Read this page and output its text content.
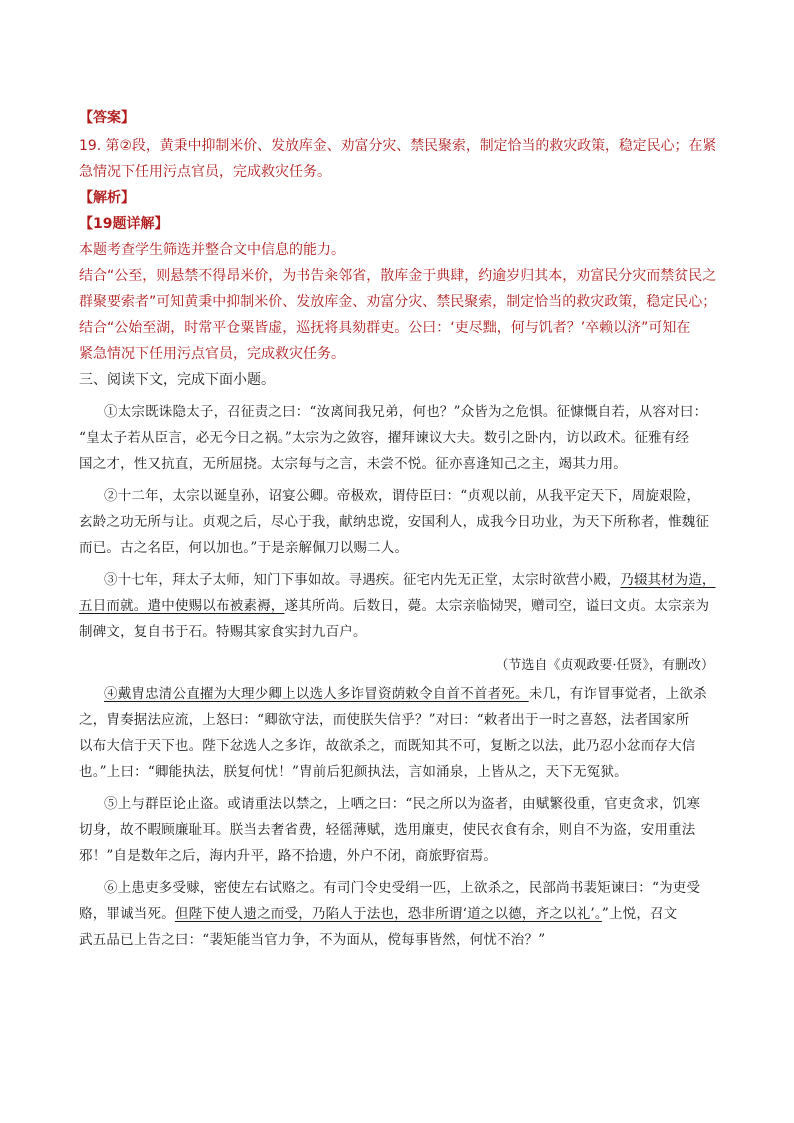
【答案】
19. 第②段，黄秉中抑制米价、发放库金、劝富分灾、禁民聚索，制定恰当的救灾政策，稳定民心；在紧
急情况下任用污点官员，完成救灾任务。
【解析】
【19题详解】
本题考查学生筛选并整合文中信息的能力。
结合“公至，则悬禁不得昂米价，为书告籴邻省，散库金于典肆，约逾岁归其本，劝富民分灾而禁贫民之
群聚要索者”可知黄秉中抑制米价、发放库金、劝富分灾、禁民聚索，制定恰当的救灾政策，稳定民心；
结合“公始至湖，时常平仓粟皆虚，巡抚将具劾群吏。公曰：‘吏尽黜，何与饥者？’卒赖以济”可知在
紧急情况下任用污点官员，完成救灾任务。
三、阅读下文，完成下面小题。
①太宗既诛隐太子，召征责之曰：“汝离间我兄弟，何也？”众皆为之危惧。征慷慨自若，从容对曰：
“皇太子若从臣言，必无今日之祸。”太宗为之敛容，擢拜谏议大夫。数引之卧内，访以政术。征雅有经
国之才，性又抗直，无所屈挠。太宗每与之言，未尝不悦。征亦喜逢知己之主，竭其力用。
②十二年，太宗以诞皇孙，诏宴公卿。帝极欢，谓侍臣曰：“贞观以前，从我平定天下，周旋艰险，
玄龄之功无所与让。贞观之后，尽心于我，献纳忠谠，安国利人，成我今日功业，为天下所称者，惟魏征
而已。古之名臣，何以加也。”于是亲解佩刀以赐二人。
③十七年，拜太子太师，知门下事如故。寻遇疾。征宅内先无正堂，太宗时欲营小殿，乃辍其材为造，
五日而就。遣中使赐以布被素褥，遂其所尚。后数日，薨。太宗亲临恸哭，赠司空，谥曰文贞。太宗亲为
制碑文，复自书于石。特赐其家食实封九百户。
（节选自《贞观政要·任贤》，有删改）
④戴胄忠清公直擢为大理少卿上以选人多诈冒资荫敕令自首不首者死。未几，有诈冒事觉者，上欲杀
之，胄奏据法应流，上怒曰：“卿欲守法，而使朕失信乎？”对曰：“敕者出于一时之喜怒，法者国家所
以布大信于天下也。陛下忿选人之多诈，故欲杀之，而既知其不可，复断之以法，此乃忍小忿而存大信
也。”上曰：“卿能执法，朕复何忧！”胄前后犯颜执法，言如涌泉，上皆从之，天下无冤狱。
⑤上与群臣论止盗。或请重法以禁之，上哂之曰：“民之所以为盗者，由赋繁役重，官吏贪求，饥寒
切身，故不暇顾廉耻耳。朕当去奢省费，轻徭薄赋，选用廉吏，使民衣食有余，则自不为盗，安用重法
邪！”自是数年之后，海内升平，路不拾遗，外户不闭，商旅野宿焉。
⑥上患吏多受赇，密使左右试赂之。有司门令史受绢一匹，上欲杀之，民部尚书裴矩谏曰：“为吏受
赂，罪诚当死。但陛下使人遗之而受，乃陷人于法也，恐非所谓‘道之以德，齐之以礼’。”上悦，召文
武五品已上告之曰：“裴矩能当官力争，不为面从，傥每事皆然，何忧不治？”
